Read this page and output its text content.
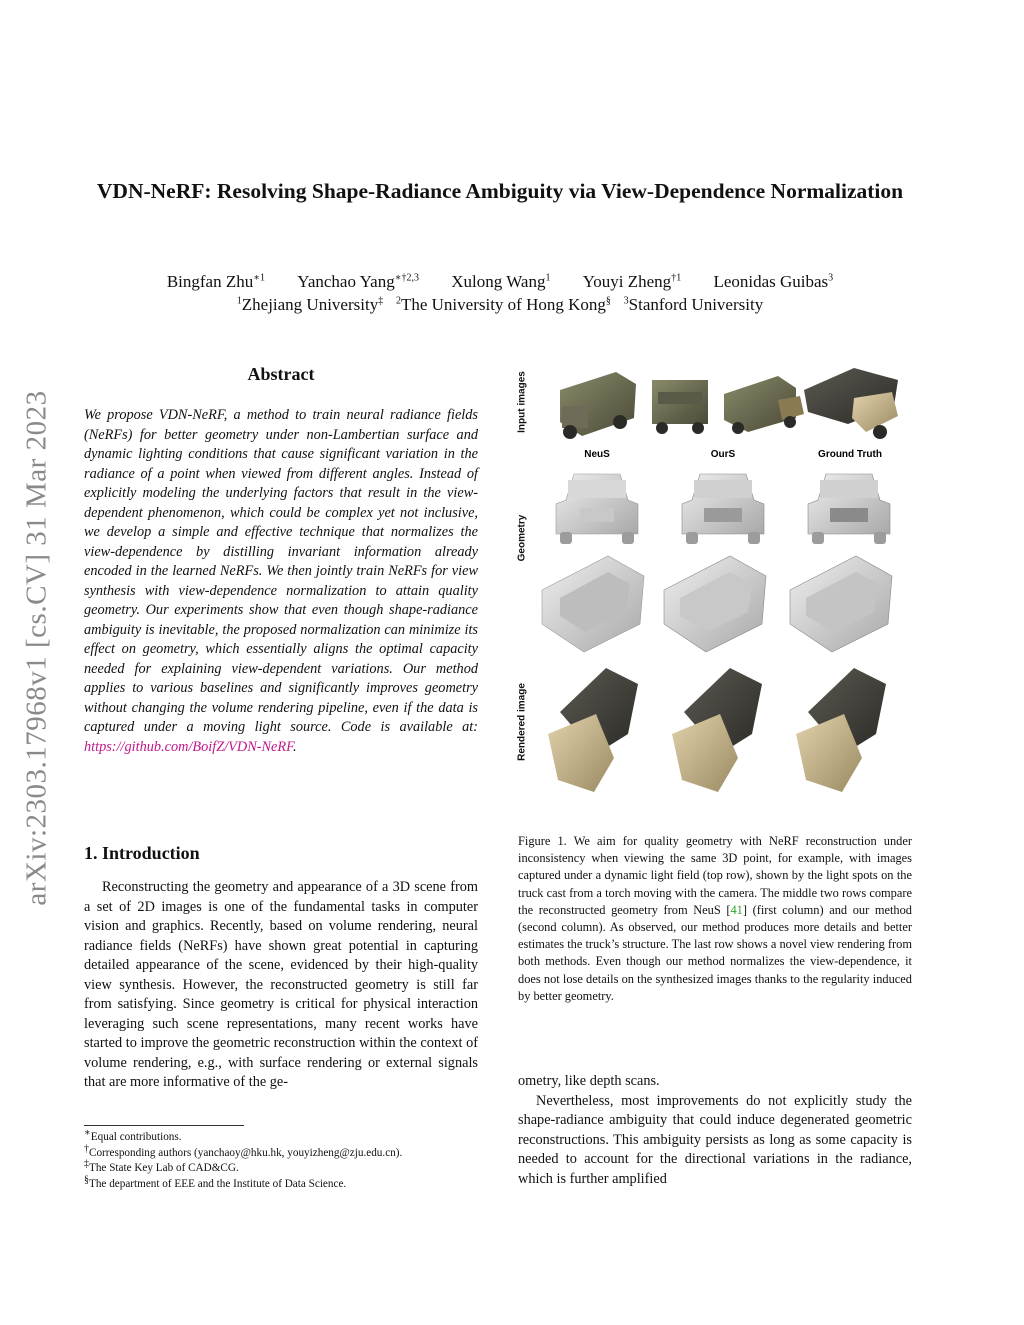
VDN-NeRF: Resolving Shape-Radiance Ambiguity via View-Dependence Normalization
Bingfan Zhu$^{∗1}$ Yanchao Yang$^{∗\dagger 2,3}$ Xulong Wang$^1$ Youyi Zheng$^{\dagger 1}$ Leonidas Guibas$^3$
$^1$Zhejiang University‡ $^2$The University of Hong Kong§ $^3$Stanford University
arXiv:2303.17968v1 [cs.CV] 31 Mar 2023
Abstract
We propose VDN-NeRF, a method to train neural radiance fields (NeRFs) for better geometry under non-Lambertian surface and dynamic lighting conditions that cause significant variation in the radiance of a point when viewed from different angles. Instead of explicitly modeling the underlying factors that result in the view-dependent phenomenon, which could be complex yet not inclusive, we develop a simple and effective technique that normalizes the view-dependence by distilling invariant information already encoded in the learned NeRFs. We then jointly train NeRFs for view synthesis with view-dependence normalization to attain quality geometry. Our experiments show that even though shape-radiance ambiguity is inevitable, the proposed normalization can minimize its effect on geometry, which essentially aligns the optimal capacity needed for explaining view-dependent variations. Our method applies to various baselines and significantly improves geometry without changing the volume rendering pipeline, even if the data is captured under a moving light source. Code is available at: https://github.com/BoifZ/VDN-NeRF.
1. Introduction

Reconstructing the geometry and appearance of a 3D scene from a set of 2D images is one of the fundamental tasks in computer vision and graphics. Recently, based on volume rendering, neural radiance fields (NeRFs) have shown great potential in capturing detailed appearance of the scene, evidenced by their high-quality view synthesis. However, the reconstructed geometry is still far from satisfying. Since geometry is critical for physical interaction leveraging such scene representations, many recent works have started to improve the geometric reconstruction within the context of volume rendering, e.g., with surface rendering or external signals that are more informative of the ge-

∗Equal contributions.
†Corresponding authors (yanchaoy@hku.hk, youyizheng@zju.edu.cn).
‡The State Key Lab of CAD&CG.
§The department of EEE and the Institute of Data Science.
NeuS	OurS	Ground Truth
Input images
Geometry
Rendered image
Figure 1. We aim for quality geometry with NeRF reconstruction under inconsistency when viewing the same 3D point, for example, with images captured under a dynamic light field (top row), shown by the light spots on the truck cast from a torch moving with the camera. The middle two rows compare the reconstructed geometry from NeuS [41] (first column) and our method (second column). As observed, our method produces more details and better estimates the truck’s structure. The last row shows a novel view rendering from both methods. Even though our method normalizes the view-dependence, it does not lose details on the synthesized images thanks to the regularity induced by better geometry.

ometry, like depth scans.

Nevertheless, most improvements do not explicitly study the shape-radiance ambiguity that could induce degenerated geometric reconstructions. This ambiguity persists as long as some capacity is needed to account for the directional variations in the radiance, which is further amplified
